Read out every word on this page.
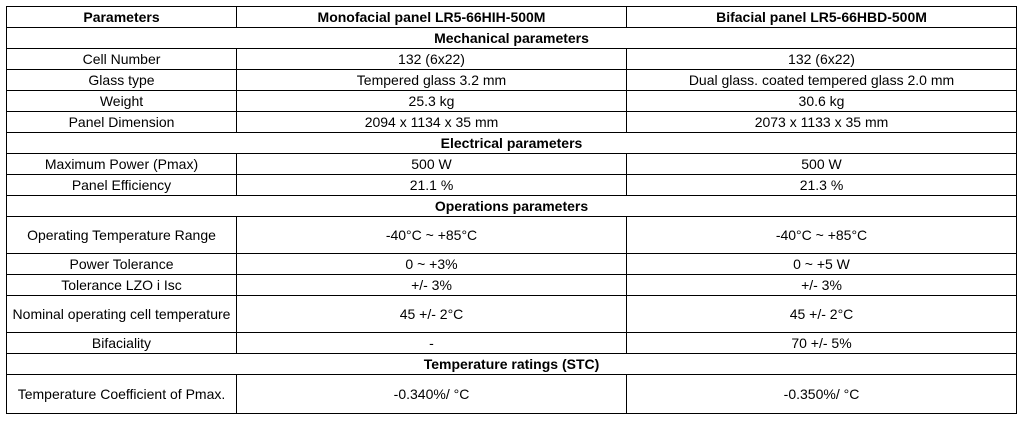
Parameters	Monofacial panel LR5-66HIH-500M	Bifacial panel LR5-66HBD-500M
Mechanical parameters		
Cell Number	132 (6x22)	132 (6x22)
Glass type	Tempered glass 3.2 mm	Dual glass. coated tempered glass 2.0 mm
Weight	25.3 kg	30.6 kg
Panel Dimension	2094 x 1134 x 35 mm	2073 x 1133 x 35 mm
Electrical parameters		
Maximum Power (Pmax)	500 W	500 W
Panel Efficiency	21.1 %	21.3 %
Operations parameters		
Operating Temperature Range	-40°C ~ +85°C	-40°C ~ +85°C
Power Tolerance	0 ~ +3%	0 ~ +5 W
Tolerance LZO i Isc	+/- 3%	+/- 3%
Nominal operating cell temperature	45 +/- 2°C	45 +/- 2°C
Bifaciality	-	70 +/- 5%
Temperature ratings (STC)		
Temperature Coefficient of Pmax.	-0.340%/ °C	-0.350%/ °C
